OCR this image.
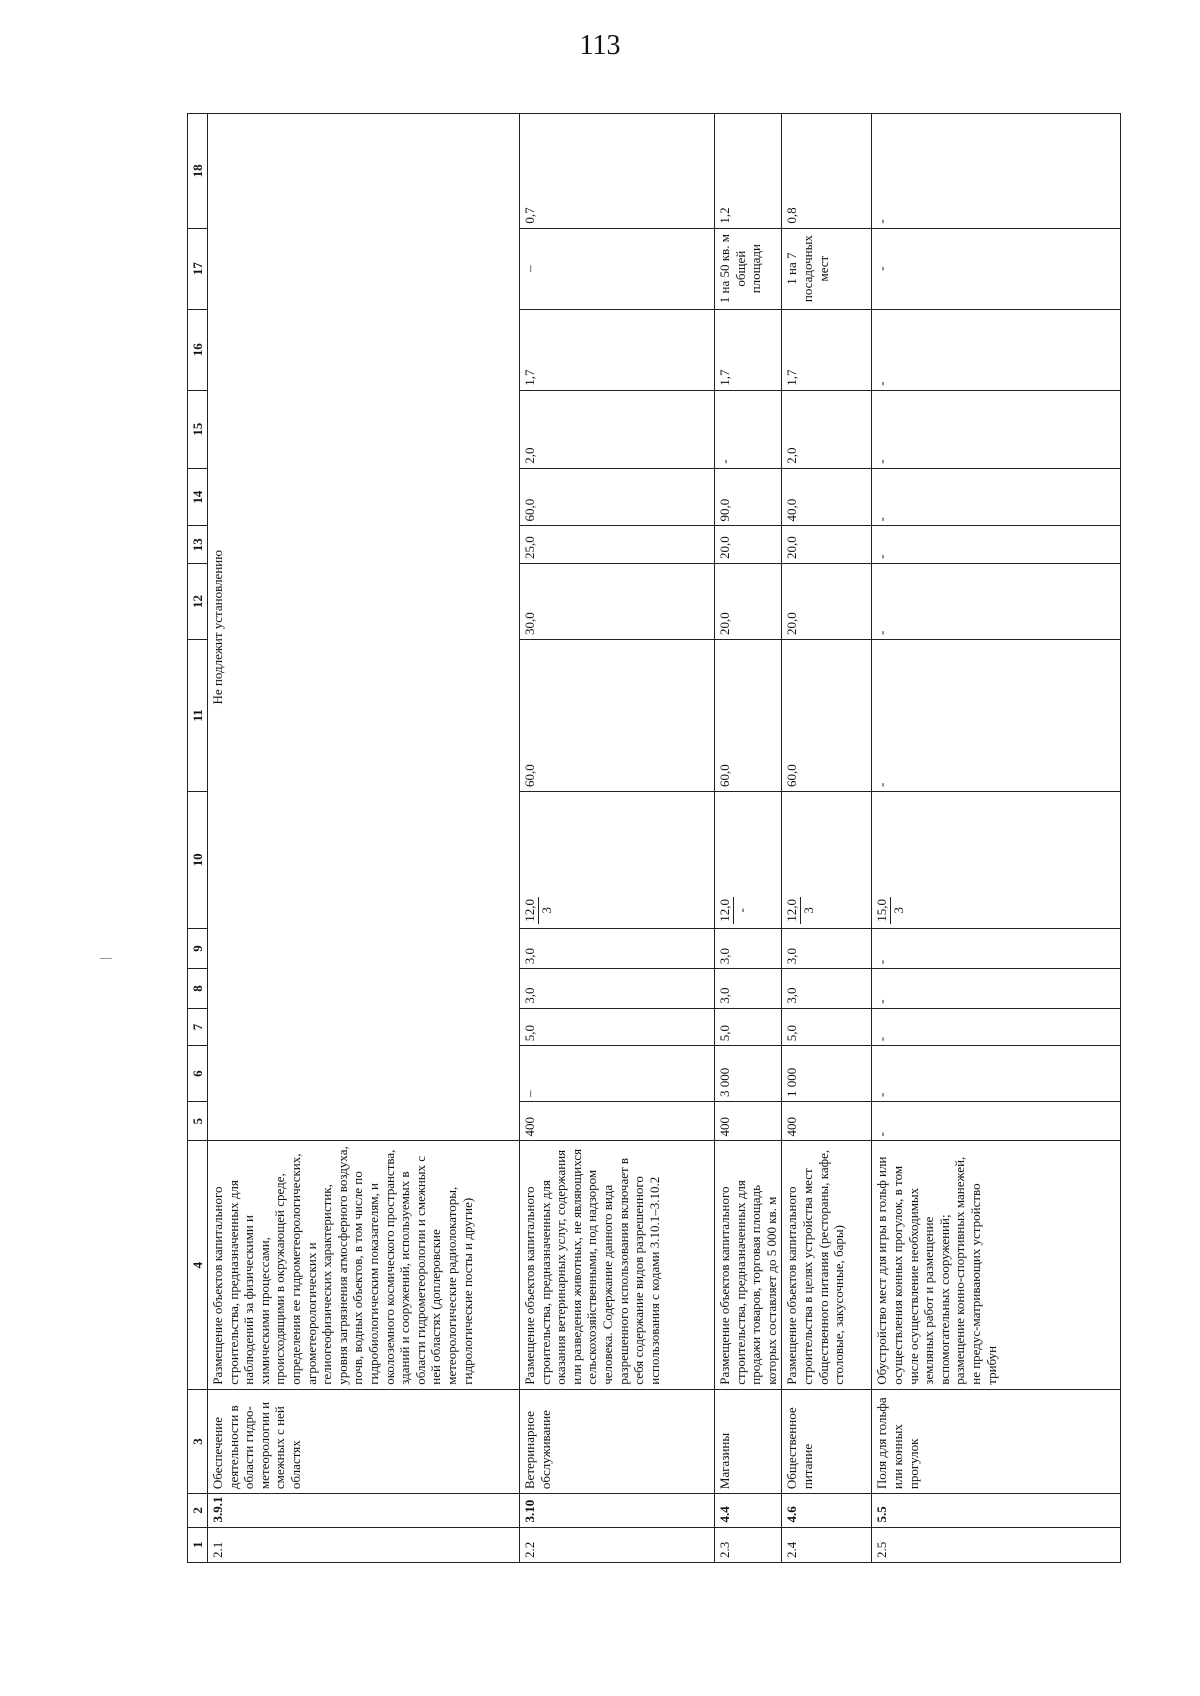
113
1	2	3	4	5	6	7	8	9	10	11	12	13	14	15	16	17	18
2.1	3.9.1	Обеспечение деятельности в области гидро-метеорологии и смежных с ней областях	Размещение объектов капитального строительства, предназначенных для наблюдений за физическими и химическими процессами, происходящими в окружающей среде, определения ее гидрометеорологических, агрометеорологических и гелиогеофизических характеристик, уровня загрязнения атмосферного воздуха, почв, водных объектов, в том числе по гидробиологическим показателям, и околоземного космического пространства, зданий и сооружений, используемых в области гидрометеорологии и смежных с ней областях (доплеровские метеорологические радиолокаторы, гидрологические посты и другие)	Не подлежит установлению													
2.2	3.10	Ветеринарное обслуживание	Размещение объектов капитального строительства, предназначенных для оказания ветеринарных услуг, содержания или разведения животных, не являющихся сельскохозяйственными, под надзором человека. Содержание данного вида разрешенного использования включает в себя содержание видов разрешенного использования с кодами 3.10.1–3.10.2	400	–	5,0	3,0	3,0	12,0 3	60,0	30,0	25,0	60,0	2,0	1,7	–	0,7
2.3	4.4	Магазины	Размещение объектов капитального строительства, предназначенных для продажи товаров, торговая площадь которых составляет до 5 000 кв. м	400	3 000	5,0	3,0	3,0	12,0 -	60,0	20,0	20,0	90,0	-	1,7	1 на 50 кв. м общей площади	1,2
2.4	4.6	Общественное питание	Размещение объектов капитального строительства в целях устройства мест общественного питания (рестораны, кафе, столовые, закусочные, бары)	400	1 000	5,0	3,0	3,0	12,0 3	60,0	20,0	20,0	40,0	2,0	1,7	1 на 7 посадочных мест	0,8
2.5	5.5	Поля для гольфа или конных прогулок	Обустройство мест для игры в гольф или осуществления конных прогулок, в том числе осуществление необходимых земляных работ и размещение вспомогательных сооружений; размещение конно-спортивных манежей, не предус-матривающих устройство трибун	-	-	-	-	-	15,0 3	-	-	-	-	-	-	-	-
